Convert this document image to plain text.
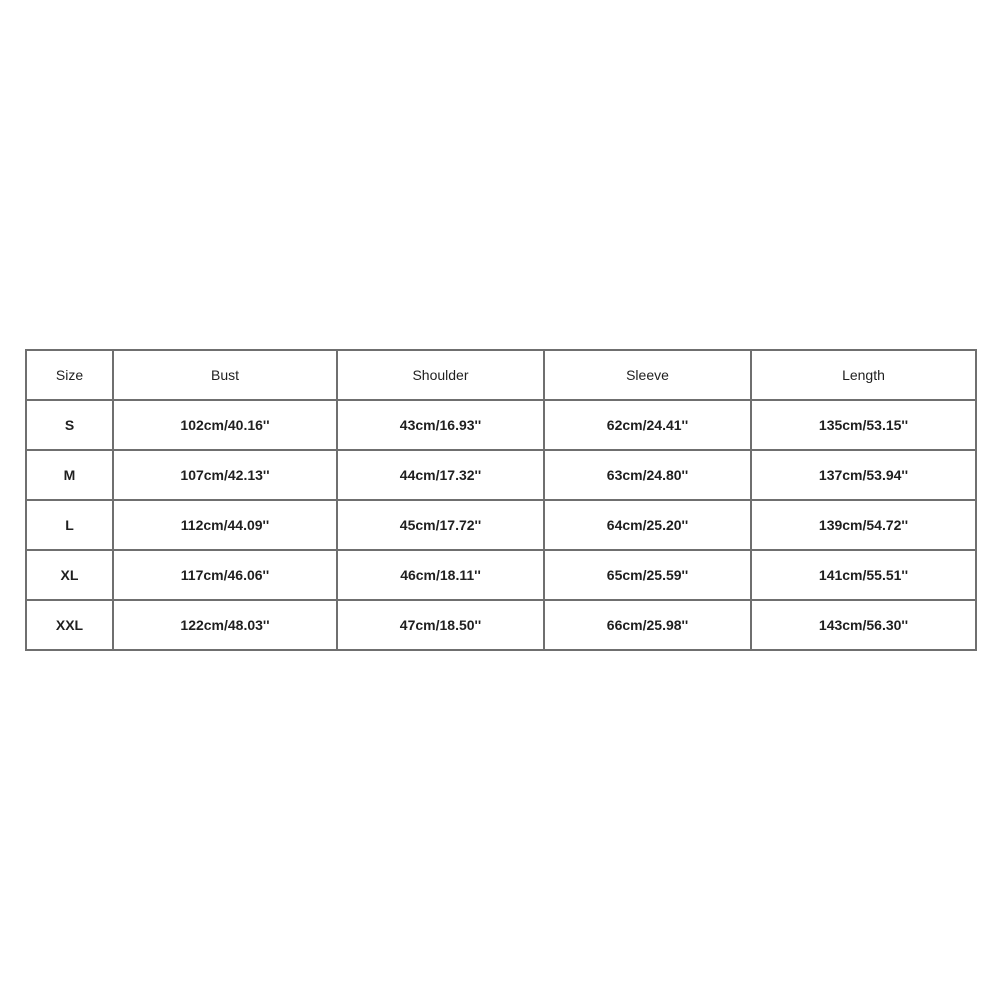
Size	Bust	Shoulder	Sleeve	Length
S	102cm/40.16''	43cm/16.93''	62cm/24.41''	135cm/53.15''
M	107cm/42.13''	44cm/17.32''	63cm/24.80''	137cm/53.94''
L	112cm/44.09''	45cm/17.72''	64cm/25.20''	139cm/54.72''
XL	117cm/46.06''	46cm/18.11''	65cm/25.59''	141cm/55.51''
XXL	122cm/48.03''	47cm/18.50''	66cm/25.98''	143cm/56.30''
